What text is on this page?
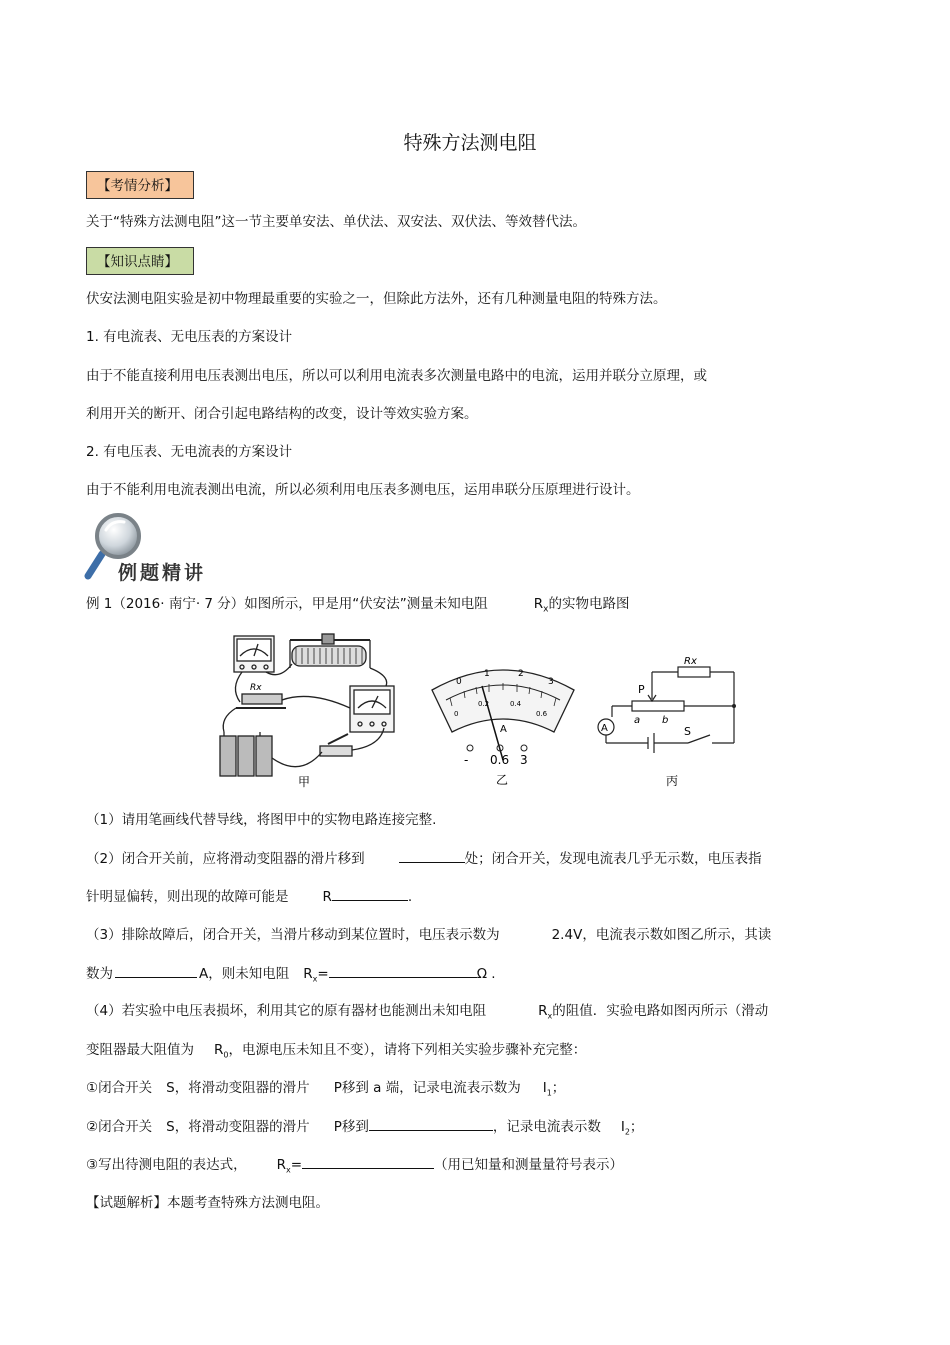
特殊方法测电阻
【考情分析】
关于“特殊方法测电阻”这一节主要单安法、单伏法、双安法、双伏法、等效替代法。
【知识点睛】
伏安法测电阻实验是初中物理最重要的实验之一，但除此方法外，还有几种测量电阻的特殊方法。
1. 有电流表、无电压表的方案设计
由于不能直接利用电压表测出电压，所以可以利用电流表多次测量电路中的电流，运用并联分立原理，或
利用开关的断开、闭合引起电路结构的改变，设计等效实验方案。
2. 有电压表、无电流表的方案设计
由于不能利用电流表测出电流，所以必须利用电压表多测电压，运用串联分压原理进行设计。
例题精讲
例 1（2016· 南宁· 7 分）如图所示，甲是用“伏安法”测量未知电阻	$R_x$的实物电路图
Rx
甲
0
1	2
3
0
0.2	0.4
0.6
A
- 0.6 3
乙
Rx
P
a b
A	S
丙
（1）请用笔画线代替导线，将图甲中的实物电路连接完整.
（2）闭合开关前，应将滑动变阻器的滑片移到	处；闭合开关，发现电流表几乎无示数，电压表指
针明显偏转，则出现的故障可能是	R	.
（3）排除故障后，闭合开关，当滑片移动到某位置时，电压表示数为	2.4V，电流表示数如图乙所示，其读
数为	A，则未知电阻 $R_x=$	Ω .
（4）若实验中电压表损坏，利用其它的原有器材也能测出未知电阻	$R_x$的阻值．实验电路如图丙所示（滑动
变阻器最大阻值为 $R_0$，电源电压未知且不变），请将下列相关实验步骤补充完整：
①闭合开关 S，将滑动变阻器的滑片 P移到 a 端，记录电流表示数为 $I_1$；
②闭合开关 S，将滑动变阻器的滑片 P移到	，记录电流表示数 $I_2$；
③写出待测电阻的表达式， $R_x=$	（用已知量和测量量符号表示）
【试题解析】本题考查特殊方法测电阻。
